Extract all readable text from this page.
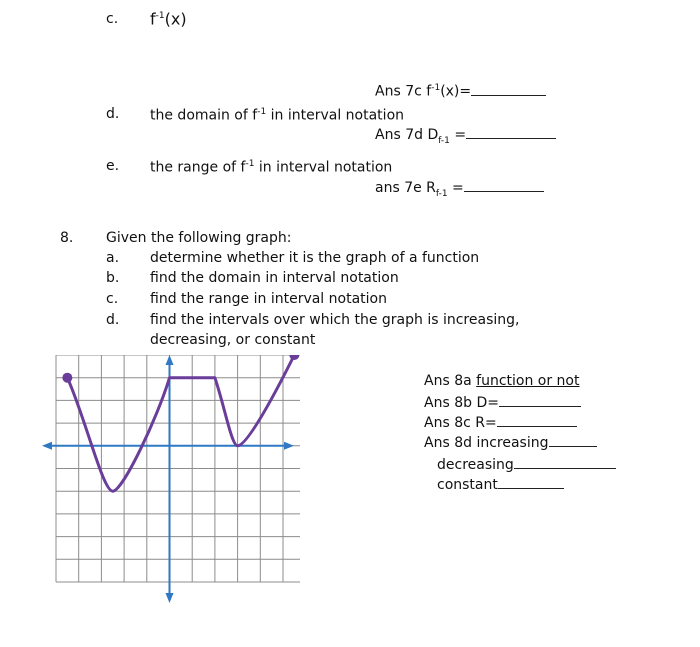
c. $f^{-1}(x)$
Ans 7c $f^{-1}(x)=$
d. the domain of $f^{-1}$ in interval notation
Ans 7d $D_{f-1}$ =
e. the range of $f^{-1}$ in interval notation
ans 7e $R_{f-1}$ =
8. Given the following graph:
a. determine whether it is the graph of a function
b. find the domain in interval notation
c. find the range in interval notation
d. find the intervals over which the graph is increasing,
decreasing, or constant
Ans 8a function or not
Ans 8b D=
Ans 8c R=
Ans 8d increasing
decreasing
constant
